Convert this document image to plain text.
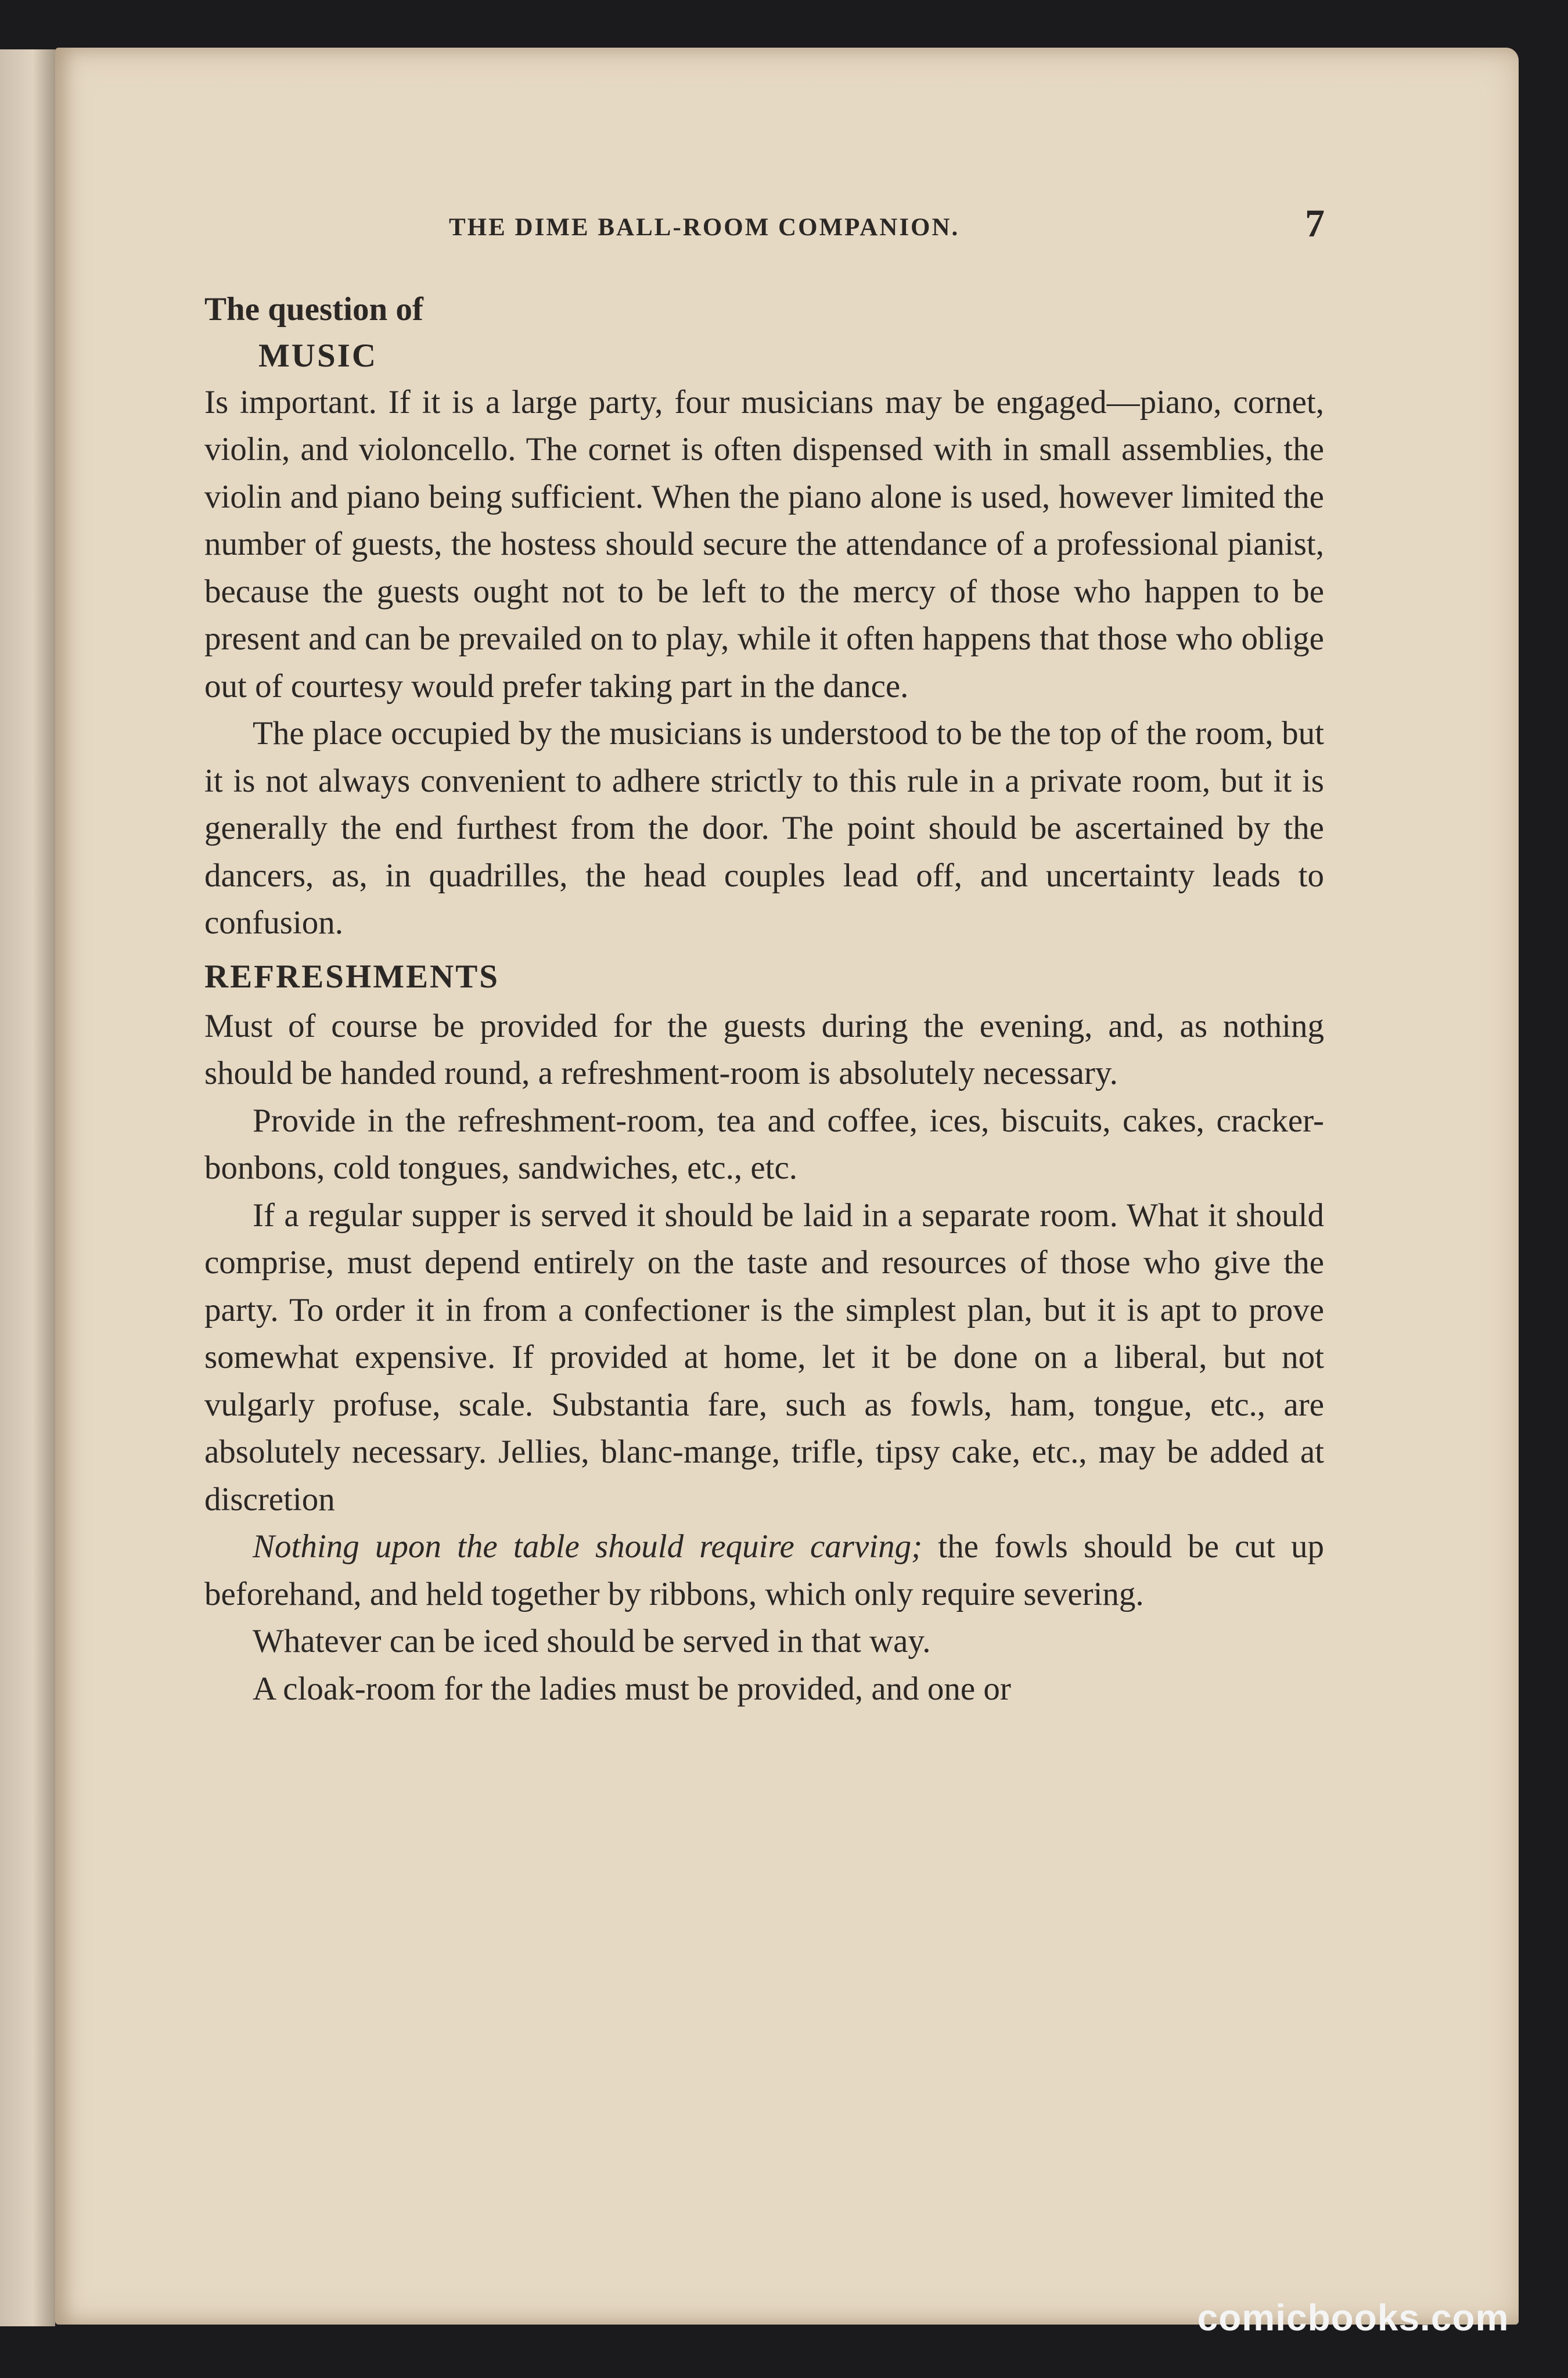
THE DIME BALL-ROOM COMPANION.	7

The question of

MUSIC

Is important. If it is a large party, four musicians may be engaged—piano, cornet, violin, and violoncello. The cornet is often dispensed with in small assemblies, the violin and piano being sufficient. When the piano alone is used, however limited the number of guests, the hostess should secure the attendance of a professional pianist, because the guests ought not to be left to the mercy of those who happen to be present and can be prevailed on to play, while it often happens that those who oblige out of courtesy would prefer taking part in the dance.

The place occupied by the musicians is understood to be the top of the room, but it is not always convenient to adhere strictly to this rule in a private room, but it is generally the end furthest from the door. The point should be ascertained by the dancers, as, in quadrilles, the head couples lead off, and uncertainty leads to confusion.

REFRESHMENTS

Must of course be provided for the guests during the evening, and, as nothing should be handed round, a refreshment-room is absolutely necessary.

Provide in the refreshment-room, tea and coffee, ices, biscuits, cakes, cracker-bonbons, cold tongues, sandwiches, etc., etc.

If a regular supper is served it should be laid in a separate room. What it should comprise, must depend entirely on the taste and resources of those who give the party. To order it in from a confectioner is the simplest plan, but it is apt to prove somewhat expensive. If provided at home, let it be done on a liberal, but not vulgarly profuse, scale. Substantia fare, such as fowls, ham, tongue, etc., are absolutely necessary. Jellies, blanc-mange, trifle, tipsy cake, etc., may be added at discretion

Nothing upon the table should require carving; the fowls should be cut up beforehand, and held together by ribbons, which only require severing.

Whatever can be iced should be served in that way.

A cloak-room for the ladies must be provided, and one or

comicbooks.com
